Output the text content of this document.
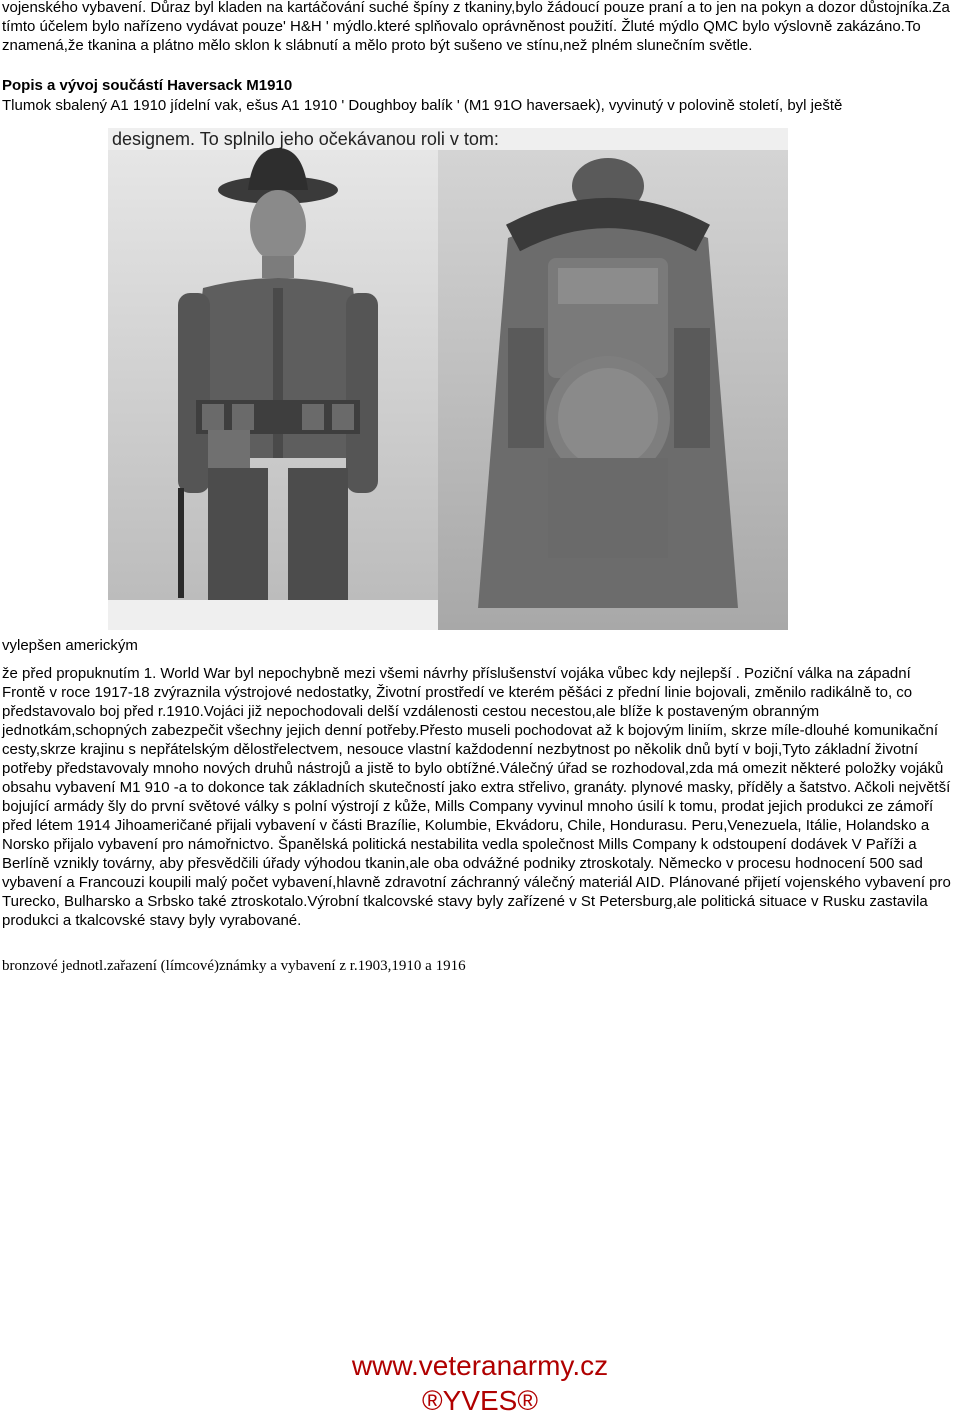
vojenského vybavení. Důraz byl kladen na kartáčování suché špíny z tkaniny,bylo žádoucí pouze praní a to jen na pokyn a dozor důstojníka.Za tímto účelem bylo nařízeno vydávat pouze' H&H ' mýdlo.které splňovalo oprávněnost použití. Žluté mýdlo QMC bylo výslovně zakázáno.To znamená,že tkanina a plátno mělo sklon k slábnutí a mělo proto být sušeno ve stínu,než plném slunečním světle.

Popis a vývoj součástí Haversack M1910

Tlumok sbalený A1 1910 jídelní vak, ešus A1 1910 ' Doughboy balík ' (M1 91O haversaek), vyvinutý v polovině století, byl ještě

designem. To splnilo jeho očekávanou roli v tom:

vylepšen americkým

že před propuknutím 1. World War byl nepochybně mezi všemi návrhy příslušenství vojáka vůbec kdy nejlepší . Poziční válka na západní Frontě v roce 1917-18 zvýraznila výstrojové nedostatky, Životní prostředí ve kterém pěšáci z přední linie bojovali, změnilo radikálně to, co představovalo boj před r.1910.Vojáci již nepochodovali delší vzdálenosti cestou necestou,ale blíže k postaveným obranným jednotkám,schopných zabezpečit všechny jejich denní potřeby.Přesto museli pochodovat až k bojovým liniím, skrze míle-dlouhé komunikační cesty,skrze krajinu s nepřátelským dělostřelectvem, nesouce vlastní každodenní nezbytnost po několik dnů bytí v boji,Tyto základní životní potřeby představovaly mnoho nových druhů nástrojů a jistě to bylo obtížné.Válečný úřad se rozhodoval,zda má omezit některé položky vojáků obsahu vybavení M1 910 -a to dokonce tak základních skutečností jako extra střelivo, granáty. plynové masky, příděly a šatstvo. Ačkoli největší bojující armády šly do první světové války s polní výstrojí z kůže, Mills Company vyvinul mnoho úsilí k tomu, prodat jejich produkci ze zámoří před létem 1914 Jihoameričané přijali vybavení v části Brazílie, Kolumbie, Ekvádoru, Chile, Hondurasu. Peru,Venezuela, Itálie, Holandsko a Norsko přijalo vybavení pro námořnictvo. Španělská politická nestabilita vedla společnost Mills Company k odstoupení dodávek V Paříži a Berlíně vznikly továrny, aby přesvědčili úřady výhodou tkanin,ale oba odvážné podniky ztroskotaly. Německo v procesu hodnocení 500 sad vybavení a Francouzi koupili malý počet vybavení,hlavně zdravotní záchranný válečný materiál AID. Plánované přijetí vojenského vybavení pro Turecko, Bulharsko a Srbsko také ztroskotalo.Výrobní tkalcovské stavy byly zařízené v St Petersburg,ale politická situace v Rusku zastavila produkci a tkalcovské stavy byly vyrabované.

bronzové jednotl.zařazení (límcové)známky a vybavení z r.1903,1910 a 1916

www.veteranarmy.cz

®YVES®
